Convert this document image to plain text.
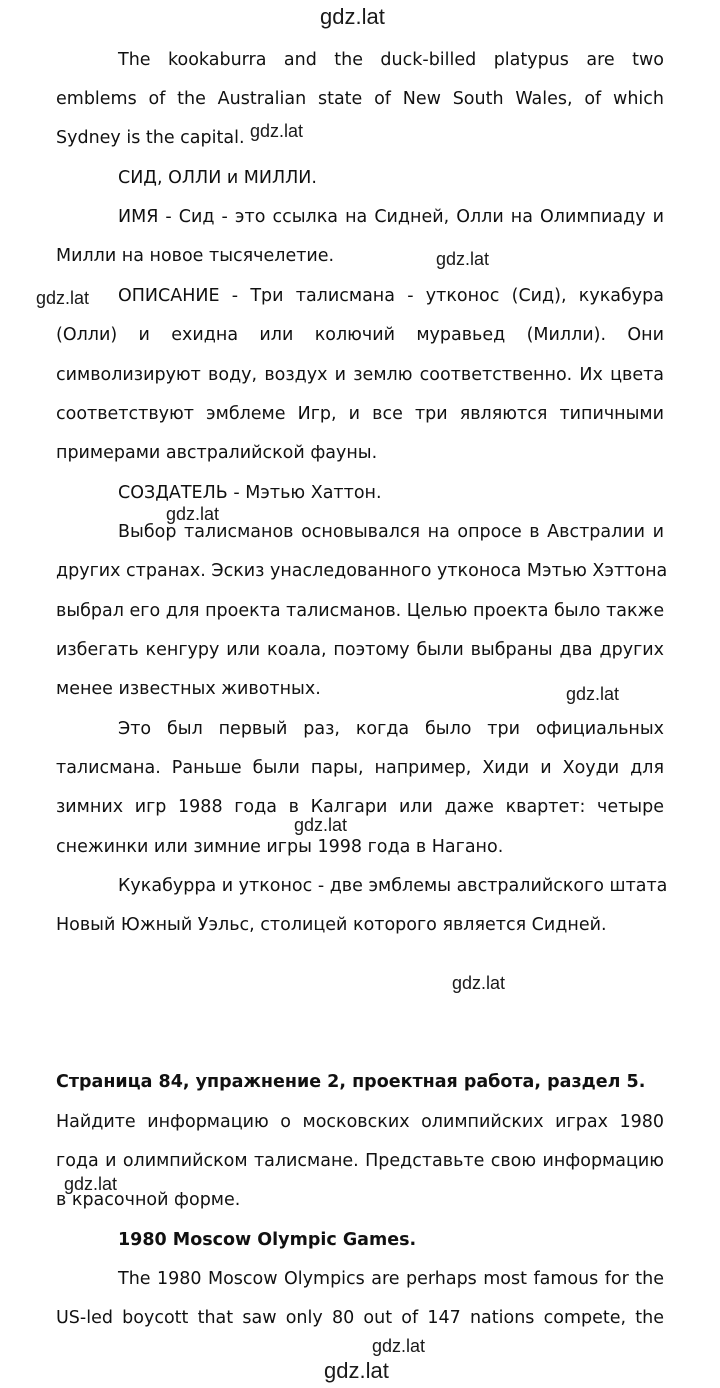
gdz.lat
gdz.lat
gdz.lat
gdz.lat
gdz.lat
gdz.lat
gdz.lat
gdz.lat
gdz.lat
gdz.lat
gdz.lat
The kookaburra and the duck-billed platypus are two
emblems of the Australian state of New South Wales, of which
Sydney is the capital.
СИД, ОЛЛИ и МИЛЛИ.
ИМЯ - Сид - это ссылка на Сидней, Олли на Олимпиаду и
Милли на новое тысячелетие.
ОПИСАНИЕ - Три талисмана - утконос (Сид), кукабура
(Олли) и ехидна или колючий муравьед (Милли). Они
символизируют воду, воздух и землю соответственно. Их цвета
соответствуют эмблеме Игр, и все три являются типичными
примерами австралийской фауны.
СОЗДАТЕЛЬ - Мэтью Хаттон.
Выбор талисманов основывался на опросе в Австралии и
других странах. Эскиз унаследованного утконоса Мэтью Хэттона
выбрал его для проекта талисманов. Целью проекта было также
избегать кенгуру или коала, поэтому были выбраны два других
менее известных животных.
Это был первый раз, когда было три официальных
талисмана. Раньше были пары, например, Хиди и Хоуди для
зимних игр 1988 года в Калгари или даже квартет: четыре
снежинки или зимние игры 1998 года в Нагано.
Кукабурра и утконос - две эмблемы австралийского штата
Новый Южный Уэльс, столицей которого является Сидней.
Страница 84, упражнение 2, проектная работа, раздел 5.
Найдите информацию о московских олимпийских играх 1980
года и олимпийском талисмане. Представьте свою информацию
в красочной форме.
1980 Moscow Olympic Games.
The 1980 Moscow Olympics are perhaps most famous for the
US-led boycott that saw only 80 out of 147 nations compete, the
